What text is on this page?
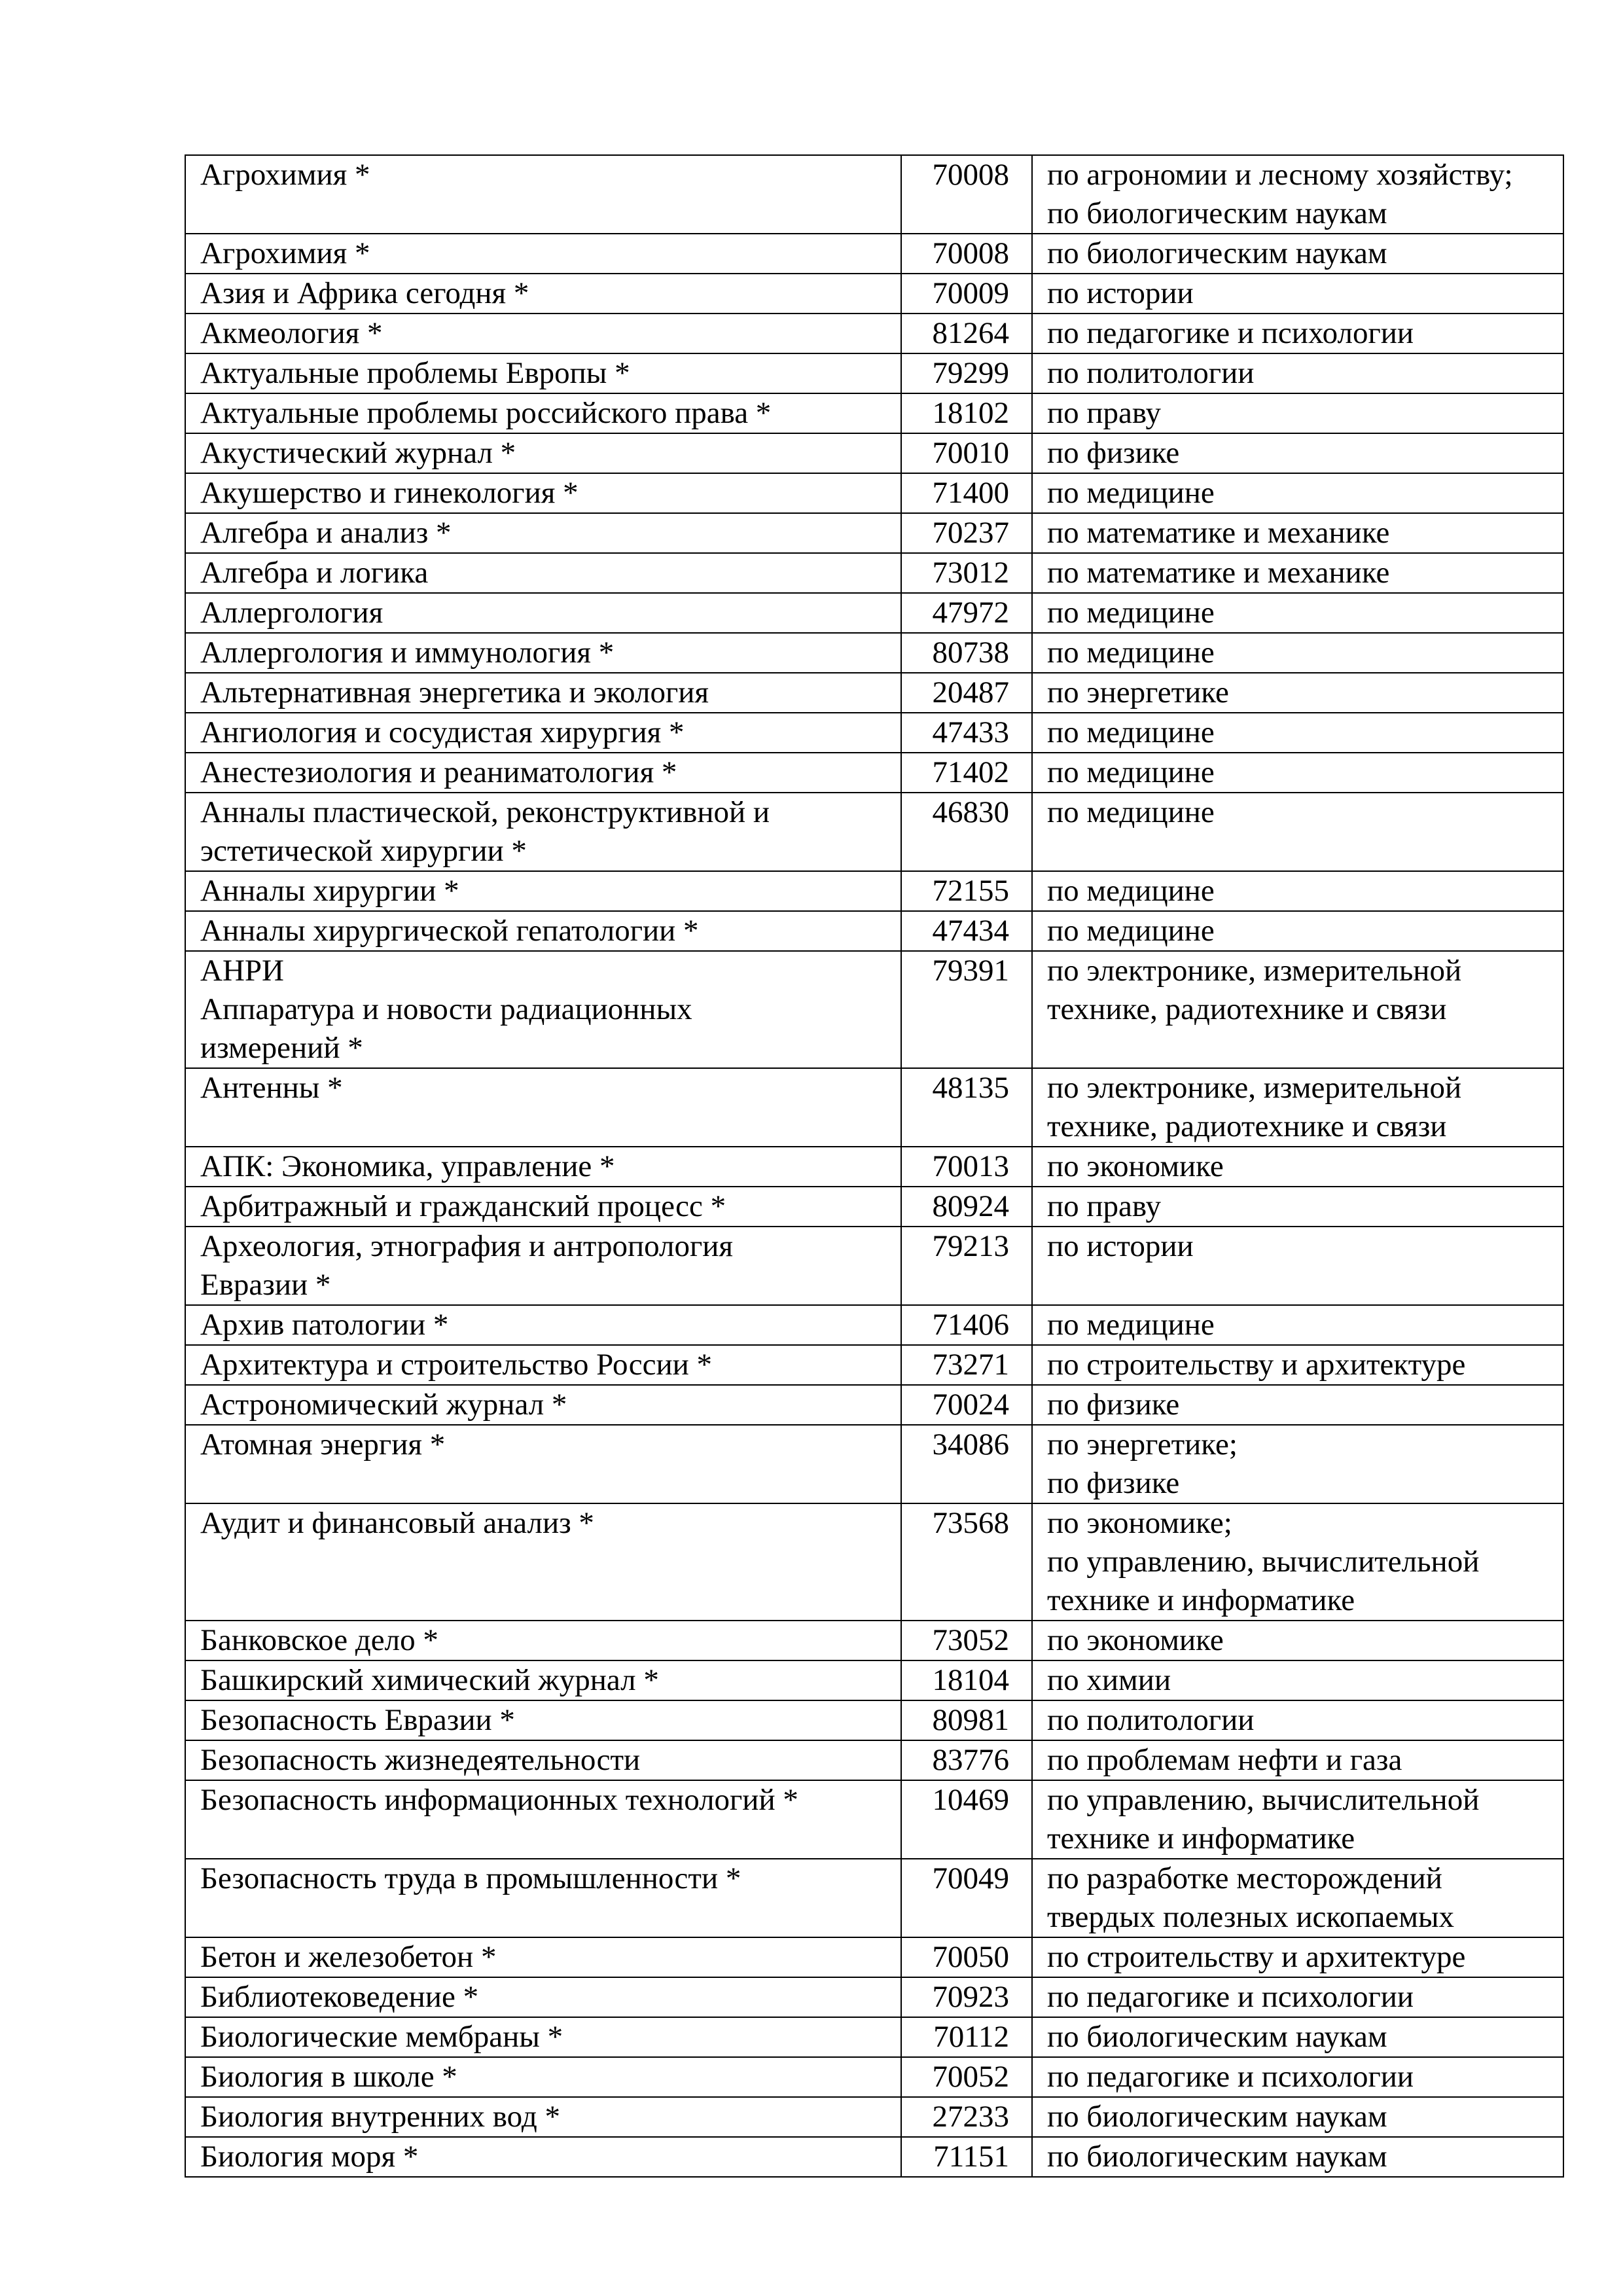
Агрохимия *	70008	по агрономии и лесному хозяйству;
по биологическим наукам

Агрохимия *	70008	по биологическим наукам

Азия и Африка сегодня *	70009	по истории

Акмеология *	81264	по педагогике и психологии

Актуальные проблемы Европы *	79299	по политологии

Актуальные проблемы российского права *	18102	по праву

Акустический журнал *	70010	по физике

Акушерство и гинекология *	71400	по медицине

Алгебра и анализ *	70237	по математике и механике

Алгебра и логика	73012	по математике и механике

Аллергология	47972	по медицине

Аллергология и иммунология *	80738	по медицине

Альтернативная энергетика и экология	20487	по энергетике

Ангиология и сосудистая хирургия *	47433	по медицине

Анестезиология и реаниматология *	71402	по медицине

Анналы пластической, реконструктивной и
эстетической хирургии *	46830	по медицине

Анналы хирургии *	72155	по медицине

Анналы хирургической гепатологии *	47434	по медицине

АНРИ
Аппаратура и новости радиационных
измерений *	79391	по электронике, измерительной
технике, радиотехнике и связи

Антенны *	48135	по электронике, измерительной
технике, радиотехнике и связи

АПК: Экономика, управление *	70013	по экономике

Арбитражный и гражданский процесс *	80924	по праву

Археология, этнография и антропология
Евразии *	79213	по истории

Архив патологии *	71406	по медицине

Архитектура и строительство России *	73271	по строительству и архитектуре

Астрономический журнал *	70024	по физике

Атомная энергия *	34086	по энергетике;
по физике

Аудит и финансовый анализ *	73568	по экономике;
по управлению, вычислительной
технике и информатике

Банковское дело *	73052	по экономике

Башкирский химический журнал *	18104	по химии

Безопасность Евразии *	80981	по политологии

Безопасность жизнедеятельности	83776	по проблемам нефти и газа

Безопасность информационных технологий *	10469	по управлению, вычислительной
технике и информатике

Безопасность труда в промышленности *	70049	по разработке месторождений
твердых полезных ископаемых

Бетон и железобетон *	70050	по строительству и архитектуре

Библиотековедение *	70923	по педагогике и психологии

Биологические мембраны *	70112	по биологическим наукам

Биология в школе *	70052	по педагогике и психологии

Биология внутренних вод *	27233	по биологическим наукам

Биология моря *	71151	по биологическим наукам
